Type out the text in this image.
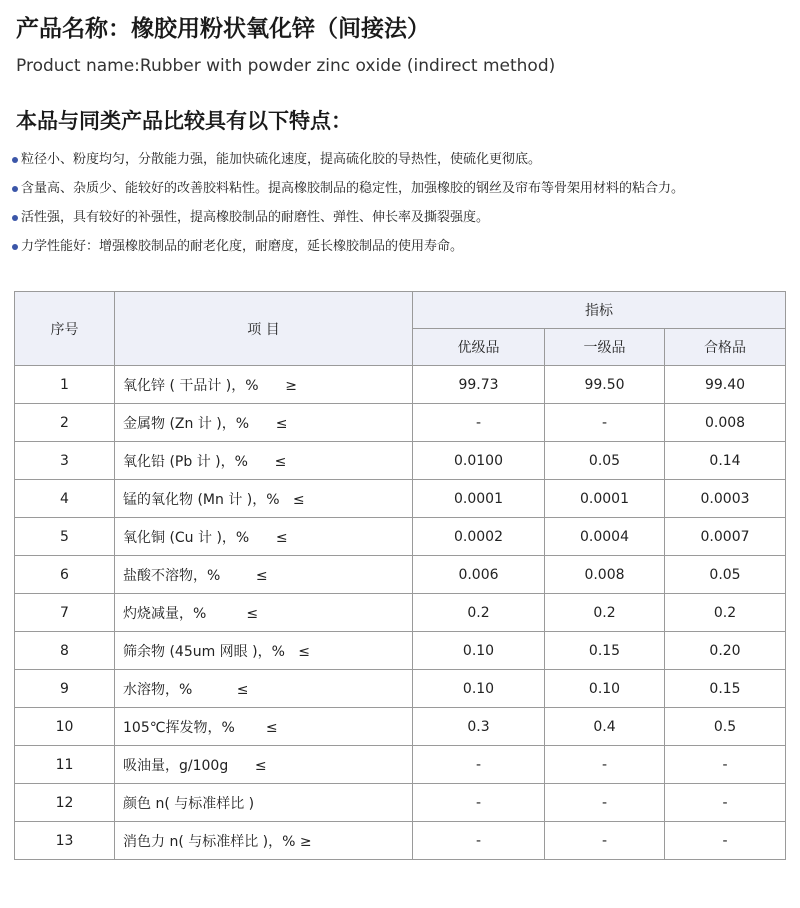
产品名称：橡胶用粉状氧化锌（间接法）
Product name:Rubber with powder zinc oxide (indirect method)
本品与同类产品比较具有以下特点：
粒径小、粉度均匀，分散能力强，能加快硫化速度，提高硫化胶的导热性，使硫化更彻底。
含量高、杂质少、能较好的改善胶料粘性。提高橡胶制品的稳定性，加强橡胶的钢丝及帘布等骨架用材料的粘合力。
活性强，具有较好的补强性，提高橡胶制品的耐磨性、弹性、伸长率及撕裂强度。
力学性能好：增强橡胶制品的耐老化度，耐磨度，延长橡胶制品的使用寿命。
序号	项 目	指标		
		优级品	一级品	合格品
1	氧化锌 ( 干品计 )，%      ≥	99.73	99.50	99.40
2	金属物 (Zn 计 )，%      ≤	-	-	0.008
3	氧化铅 (Pb 计 )，%      ≤	0.0100	0.05	0.14
4	锰的氧化物 (Mn 计 )，%   ≤	0.0001	0.0001	0.0003
5	氧化铜 (Cu 计 )，%      ≤	0.0002	0.0004	0.0007
6	盐酸不溶物，%        ≤	0.006	0.008	0.05
7	灼烧减量，%         ≤	0.2	0.2	0.2
8	筛余物 (45um 网眼 )，%   ≤	0.10	0.15	0.20
9	水溶物，%          ≤	0.10	0.10	0.15
10	105℃挥发物，%       ≤	0.3	0.4	0.5
11	吸油量，g/100g      ≤	-	-	-
12	颜色 n( 与标准样比 )	-	-	-
13	消色力 n( 与标准样比 )，% ≥	-	-	-
